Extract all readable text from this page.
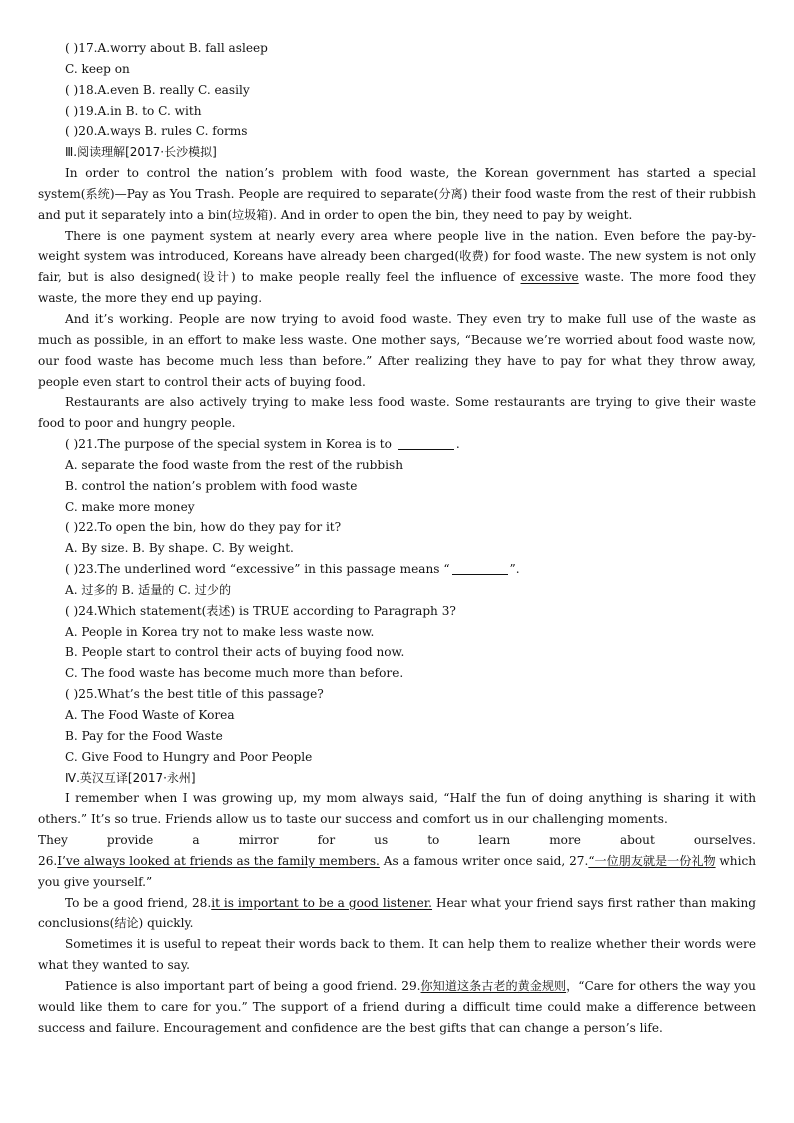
( )17.A.worry about B. fall asleep
C. keep on
( )18.A.even B. really C. easily
( )19.A.in B. to C. with
( )20.A.ways B. rules C. forms
Ⅲ.阅读理解[2017·长沙模拟]
In order to control the nation’s problem with food waste, the Korean government has started a special system(系统)—Pay as You Trash. People are required to separate(分离) their food waste from the rest of their rubbish and put it separately into a bin(垃圾箱). And in order to open the bin, they need to pay by weight.
There is one payment system at nearly every area where people live in the nation. Even before the pay-by-weight system was introduced, Koreans have already been charged(收费) for food waste. The new system is not only fair, but is also designed(设计) to make people really feel the influence of excessive waste. The more food they waste, the more they end up paying.
And it’s working. People are now trying to avoid food waste. They even try to make full use of the waste as much as possible, in an effort to make less waste. One mother says, “Because we’re worried about food waste now, our food waste has become much less than before.” After realizing they have to pay for what they throw away, people even start to control their acts of buying food.
Restaurants are also actively trying to make less food waste. Some restaurants are trying to give their waste food to poor and hungry people.
( )21.The purpose of the special system in Korea is to	.
A. separate the food waste from the rest of the rubbish
B. control the nation’s problem with food waste
C. make more money
( )22.To open the bin, how do they pay for it?
A. By size. B. By shape. C. By weight.
( )23.The underlined word “excessive” in this passage means “	”.
A. 过多的 B. 适量的 C. 过少的
( )24.Which statement(表述) is TRUE according to Paragraph 3?
A. People in Korea try not to make less waste now.
B. People start to control their acts of buying food now.
C. The food waste has become much more than before.
( )25.What’s the best title of this passage?
A. The Food Waste of Korea
B. Pay for the Food Waste
C. Give Food to Hungry and Poor People
Ⅳ.英汉互译[2017·永州]
I remember when I was growing up, my mom always said, “Half the fun of doing anything is sharing it with others.” It’s so true. Friends allow us to taste our success and comfort us in our challenging moments.
They	provide	a	mirror	for	us	to	learn	more	about	ourselves.
26.I’ve always looked at friends as the family members. As a famous writer once said, 27.“一位朋友就是一份礼物 which you give yourself.”
To be a good friend, 28.it is important to be a good listener. Hear what your friend says first rather than making conclusions(结论) quickly.
Sometimes it is useful to repeat their words back to them. It can help them to realize whether their words were what they wanted to say.
Patience is also important part of being a good friend. 29.你知道这条古老的黄金规则，“Care for others the way you would like them to care for you.” The support of a friend during a difficult time could make a difference between success and failure. Encouragement and confidence are the best gifts that can change a person’s life.
